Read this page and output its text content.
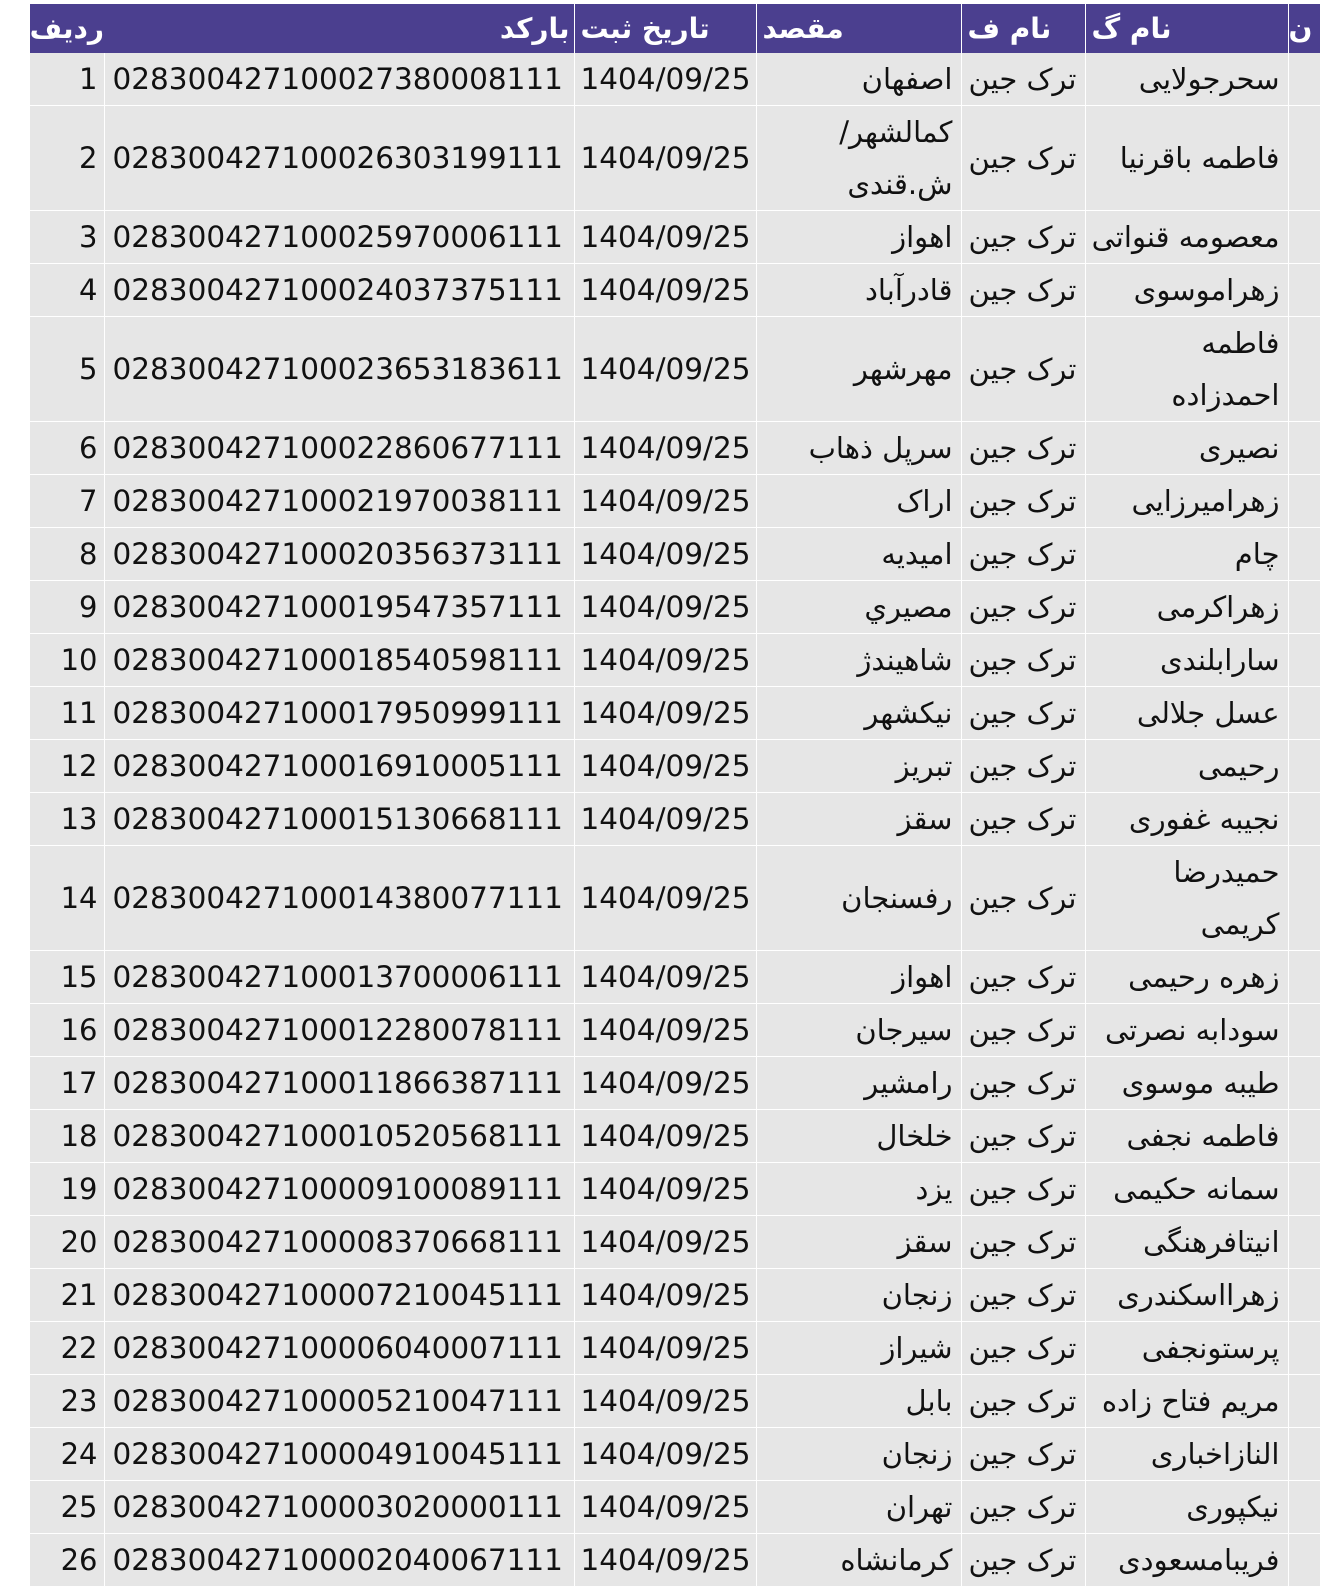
ردیف	بارکد	تاریخ ثبت	مقصد	نام ف	نام گ	ن
1	028300427100027380008111	1404/09/25	اصفهان	ترک جین	سحرجولایی	
2	028300427100026303199111	1404/09/25	کمالشهر/ش.قندی	ترک جین	فاطمه باقرنیا	
3	028300427100025970006111	1404/09/25	اهواز	ترک جین	معصومه قنواتی	
4	028300427100024037375111	1404/09/25	قادرآباد	ترک جین	زهراموسوی	
5	028300427100023653183611	1404/09/25	مهرشهر	ترک جین	فاطمه احمدزاده	
6	028300427100022860677111	1404/09/25	سرپل ذهاب	ترک جین	نصیری	
7	028300427100021970038111	1404/09/25	اراک	ترک جین	زهرامیرزایی	
8	028300427100020356373111	1404/09/25	امیدیه	ترک جین	چام	
9	028300427100019547357111	1404/09/25	مصيري	ترک جین	زهراکرمی	
10	028300427100018540598111	1404/09/25	شاهیندژ	ترک جین	سارابلندی	
11	028300427100017950999111	1404/09/25	نیکشهر	ترک جین	عسل جلالی	
12	028300427100016910005111	1404/09/25	تبریز	ترک جین	رحیمی	
13	028300427100015130668111	1404/09/25	سقز	ترک جین	نجیبه غفوری	
14	028300427100014380077111	1404/09/25	رفسنجان	ترک جین	حمیدرضا کریمی	
15	028300427100013700006111	1404/09/25	اهواز	ترک جین	زهره رحیمی	
16	028300427100012280078111	1404/09/25	سیرجان	ترک جین	سودابه نصرتی	
17	028300427100011866387111	1404/09/25	رامشیر	ترک جین	طیبه موسوی	
18	028300427100010520568111	1404/09/25	خلخال	ترک جین	فاطمه نجفی	
19	028300427100009100089111	1404/09/25	یزد	ترک جین	سمانه حکیمی	
20	028300427100008370668111	1404/09/25	سقز	ترک جین	انیتافرهنگی	
21	028300427100007210045111	1404/09/25	زنجان	ترک جین	زهرااسکندری	
22	028300427100006040007111	1404/09/25	شیراز	ترک جین	پرستونجفی	
23	028300427100005210047111	1404/09/25	بابل	ترک جین	مریم فتاح زاده	
24	028300427100004910045111	1404/09/25	زنجان	ترک جین	النازاخباری	
25	028300427100003020000111	1404/09/25	تهران	ترک جین	نیکپوری	
26	028300427100002040067111	1404/09/25	کرمانشاه	ترک جین	فریبامسعودی	
